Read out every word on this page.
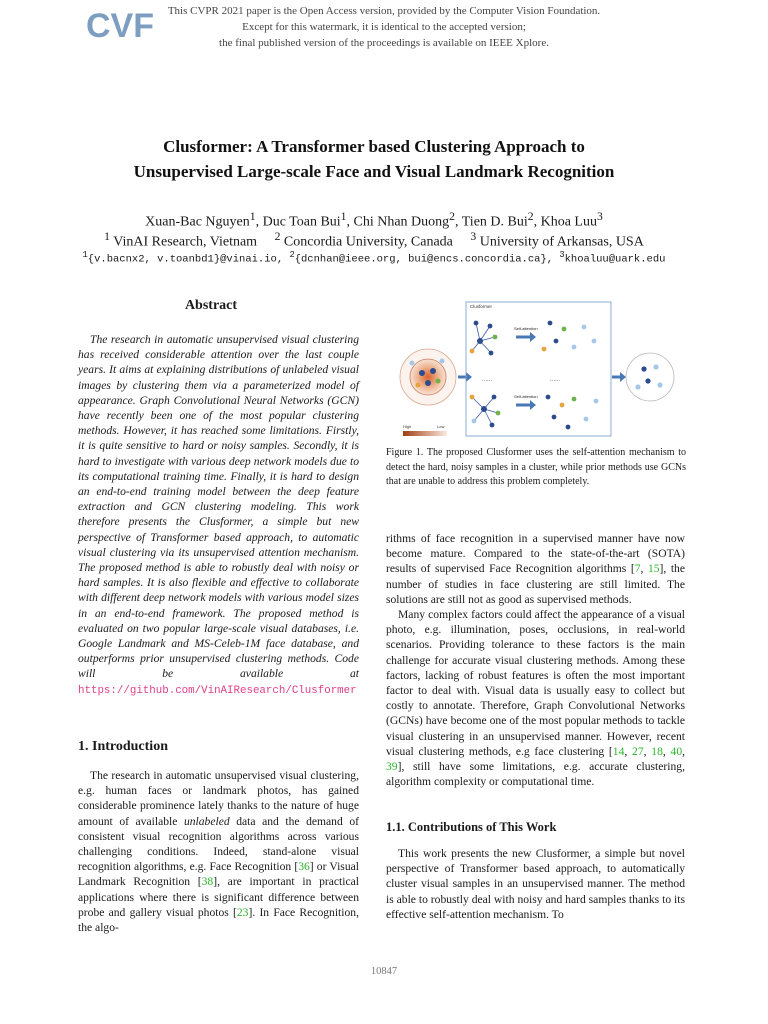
CVF	This CVPR 2021 paper is the Open Access version, provided by the Computer Vision Foundation.
Except for this watermark, it is identical to the accepted version;
the final published version of the proceedings is available on IEEE Xplore.
Clusformer: A Transformer based Clustering Approach to
Unsupervised Large-scale Face and Visual Landmark Recognition
Xuan-Bac Nguyen$^1$, Duc Toan Bui$^1$, Chi Nhan Duong$^2$, Tien D. Bui$^2$, Khoa Luu$^3$
$^1$ VinAI Research, Vietnam $^2$ Concordia University, Canada $^3$ University of Arkansas, USA
$^1${v.bacnx2, v.toanbd1}@vinai.io, $^2${dcnhan@ieee.org, bui@encs.concordia.ca}, $^3$khoaluu@uark.edu
Abstract
The research in automatic unsupervised visual clustering has received considerable attention over the last couple years. It aims at explaining distributions of unlabeled visual images by clustering them via a parameterized model of appearance. Graph Convolutional Neural Networks (GCN) have recently been one of the most popular clustering methods. However, it has reached some limitations. Firstly, it is quite sensitive to hard or noisy samples. Secondly, it is hard to investigate with various deep network models due to its computational training time. Finally, it is hard to design an end-to-end training model between the deep feature extraction and GCN clustering modeling. This work therefore presents the Clusformer, a simple but new perspective of Transformer based approach, to automatic visual clustering via its unsupervised attention mechanism. The proposed method is able to robustly deal with noisy or hard samples. It is also flexible and effective to collaborate with different deep network models with various model sizes in an end-to-end framework. The proposed method is evaluated on two popular large-scale visual databases, i.e. Google Landmark and MS-Celeb-1M face database, and outperforms prior unsupervised clustering methods. Code will be available at https://github.com/VinAIResearch/Clusformer
1. Introduction

The research in automatic unsupervised visual clustering, e.g. human faces or landmark photos, has gained considerable prominence lately thanks to the nature of huge amount of available unlabeled data and the demand of consistent visual recognition algorithms across various challenging conditions. Indeed, stand-alone visual recognition algorithms, e.g. Face Recognition [36] or Visual Landmark Recognition [38], are important in practical applications where there is significant difference between probe and gallery visual photos [23]. In Face Recognition, the algo-

High	Low
Clusformer
Self-attention
......	......
Self-attention
Figure 1. The proposed Clusformer uses the self-attention mechanism to detect the hard, noisy samples in a cluster, while prior methods use GCNs that are unable to address this problem completely.

rithms of face recognition in a supervised manner have now become mature. Compared to the state-of-the-art (SOTA) results of supervised Face Recognition algorithms [7, 15], the number of studies in face clustering are still limited. The solutions are still not as good as supervised methods.

Many complex factors could affect the appearance of a visual photo, e.g. illumination, poses, occlusions, in real-world scenarios. Providing tolerance to these factors is the main challenge for accurate visual clustering methods. Among these factors, lacking of robust features is often the most important factor to deal with. Visual data is usually easy to collect but costly to annotate. Therefore, Graph Convolutional Networks (GCNs) have become one of the most popular methods to tackle visual clustering in an unsupervised manner. However, recent visual clustering methods, e.g face clustering [14, 27, 18, 40, 39], still have some limitations, e.g. accurate clustering, algorithm complexity or computational time.

1.1. Contributions of This Work

This work presents the new Clusformer, a simple but novel perspective of Transformer based approach, to automatically cluster visual samples in an unsupervised manner. The method is able to robustly deal with noisy and hard samples thanks to its effective self-attention mechanism. To

10847
